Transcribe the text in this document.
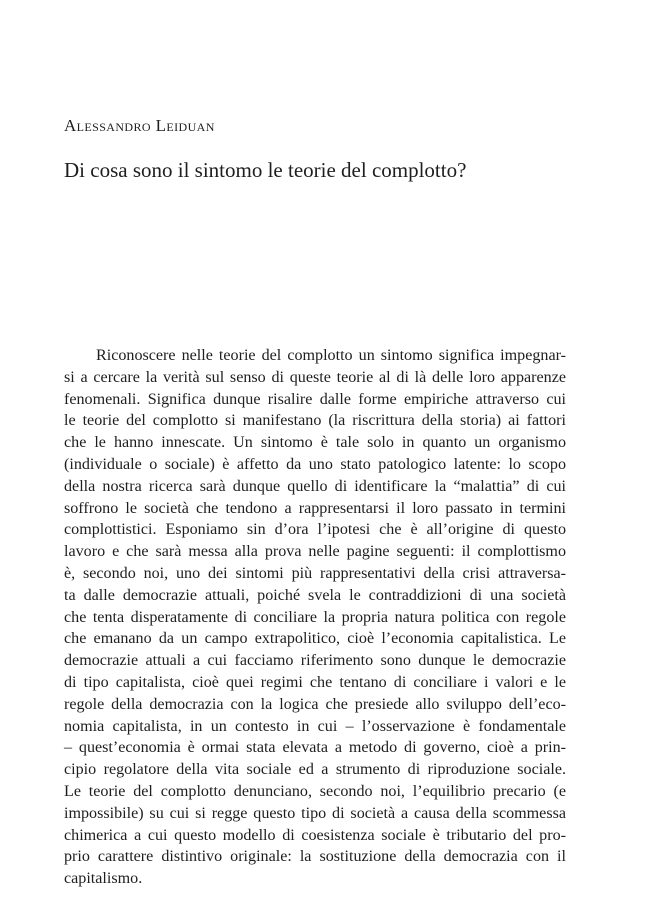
Alessandro Leiduan
Di cosa sono il sintomo le teorie del complotto?
Riconoscere nelle teorie del complotto un sintomo significa impegnar-
si a cercare la verità sul senso di queste teorie al di là delle loro apparenze
fenomenali. Significa dunque risalire dalle forme empiriche attraverso cui
le teorie del complotto si manifestano (la riscrittura della storia) ai fattori
che le hanno innescate. Un sintomo è tale solo in quanto un organismo
(individuale o sociale) è affetto da uno stato patologico latente: lo scopo
della nostra ricerca sarà dunque quello di identificare la “malattia” di cui
soffrono le società che tendono a rappresentarsi il loro passato in termini
complottistici. Esponiamo sin d’ora l’ipotesi che è all’origine di questo
lavoro e che sarà messa alla prova nelle pagine seguenti: il complottismo
è, secondo noi, uno dei sintomi più rappresentativi della crisi attraversa-
ta dalle democrazie attuali, poiché svela le contraddizioni di una società
che tenta disperatamente di conciliare la propria natura politica con regole
che emanano da un campo extrapolitico, cioè l’economia capitalistica. Le
democrazie attuali a cui facciamo riferimento sono dunque le democrazie
di tipo capitalista, cioè quei regimi che tentano di conciliare i valori e le
regole della democrazia con la logica che presiede allo sviluppo dell’eco-
nomia capitalista, in un contesto in cui – l’osservazione è fondamentale
– quest’economia è ormai stata elevata a metodo di governo, cioè a prin-
cipio regolatore della vita sociale ed a strumento di riproduzione sociale.
Le teorie del complotto denunciano, secondo noi, l’equilibrio precario (e
impossibile) su cui si regge questo tipo di società a causa della scommessa
chimerica a cui questo modello di coesistenza sociale è tributario del pro-
prio carattere distintivo originale: la sostituzione della democrazia con il
capitalismo.
